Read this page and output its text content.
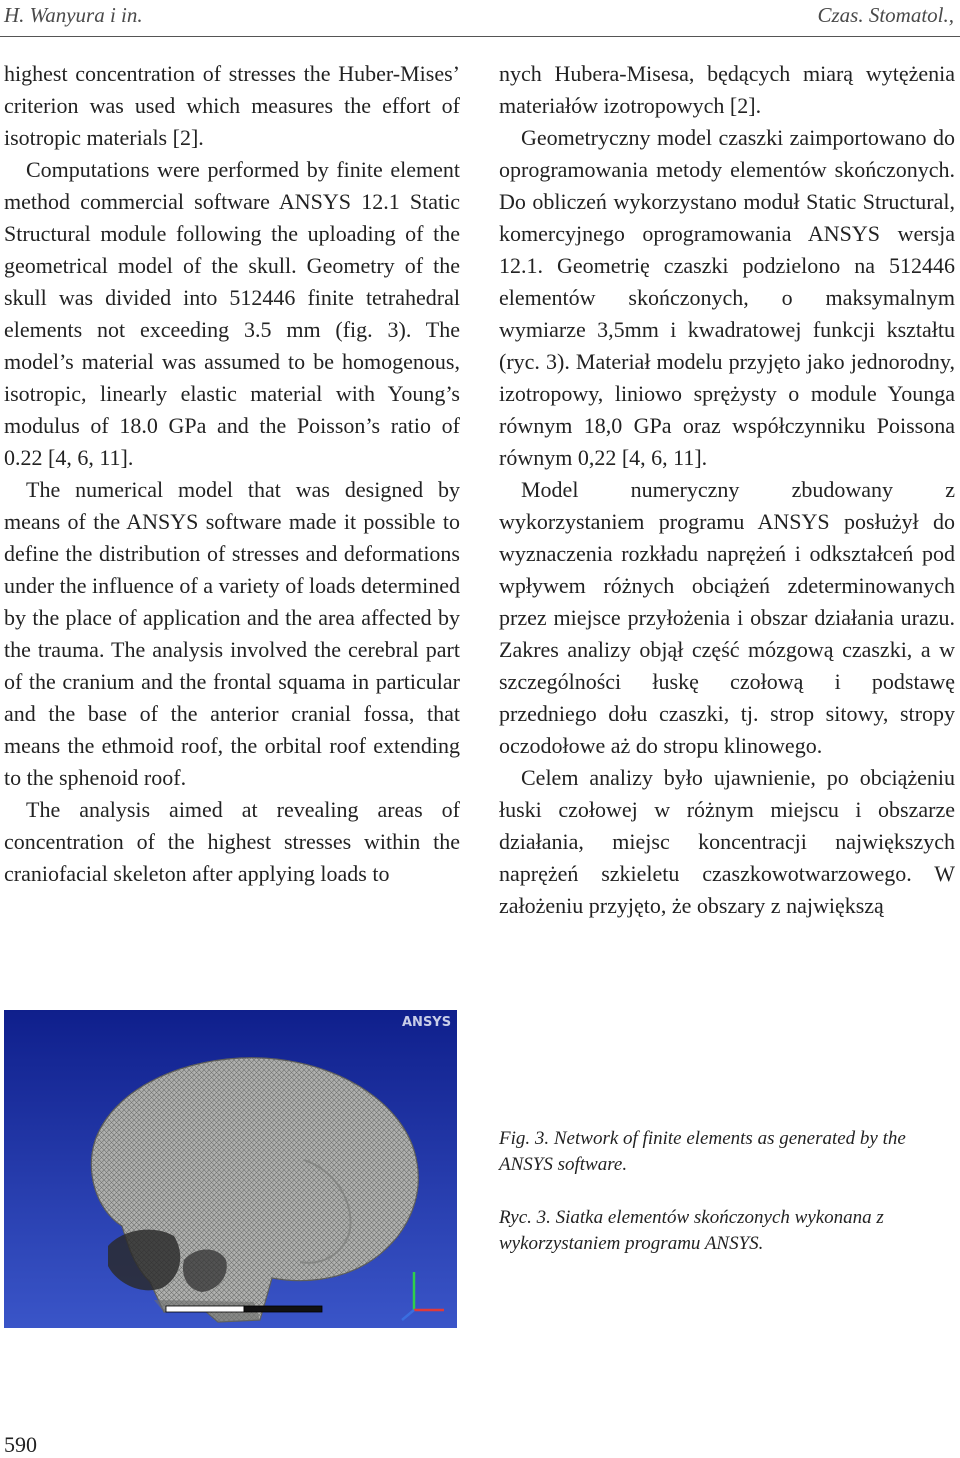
H. Wanyura i in.	Czas. Stomatol.,

highest concentration of stresses the Huber-Mises’ criterion was used which measures the effort of isotropic materials [2].

Computations were performed by finite element method commercial software ANSYS 12.1 Static Structural module following the uploading of the geometrical model of the skull. Geometry of the skull was divided into 512446 finite tetrahedral elements not exceeding 3.5 mm (fig. 3). The model’s material was assumed to be homogenous, isotropic, linearly elastic material with Young’s modulus of 18.0 GPa and the Poisson’s ratio of 0.22 [4, 6, 11].

The numerical model that was designed by means of the ANSYS software made it possible to define the distribution of stresses and deformations under the influence of a variety of loads determined by the place of application and the area affected by the trauma. The analysis involved the cerebral part of the cranium and the frontal squama in particular and the base of the anterior cranial fossa, that means the ethmoid roof, the orbital roof extending to the sphenoid roof.

The analysis aimed at revealing areas of concentration of the highest stresses within the craniofacial skeleton after applying loads to

nych Hubera-Misesa, będących miarą wytężenia materiałów izotropowych [2].

Geometryczny model czaszki zaimportowano do oprogramowania metody elementów skończonych. Do obliczeń wykorzystano moduł Static Structural, komercyjnego oprogramowania ANSYS wersja 12.1. Geometrię czaszki podzielono na 512446 elementów skończonych, o maksymalnym wymiarze 3,5mm i kwadratowej funkcji kształtu (ryc. 3). Materiał modelu przyjęto jako jednorodny, izotropowy, liniowo sprężysty o module Younga równym 18,0 GPa oraz współczynniku Poissona równym 0,22 [4, 6, 11].

Model numeryczny zbudowany z wykorzystaniem programu ANSYS posłużył do wyznaczenia rozkładu naprężeń i odkształceń pod wpływem różnych obciążeń zdeterminowanych przez miejsce przyłożenia i obszar działania urazu. Zakres analizy objął część mózgową czaszki, a w szczególności łuskę czołową i podstawę przedniego dołu czaszki, tj. strop sitowy, stropy oczodołowe aż do stropu klinowego.

Celem analizy było ujawnienie, po obciążeniu łuski czołowej w różnym miejscu i obszarze działania, miejsc koncentracji największych naprężeń szkieletu czaszkowotwarzowego. W założeniu przyjęto, że obszary z największą

ANSYS
Fig. 3. Network of finite elements as generated by the ANSYS software.
Ryc. 3. Siatka elementów skończonych wykonana z wykorzystaniem programu ANSYS.
590
